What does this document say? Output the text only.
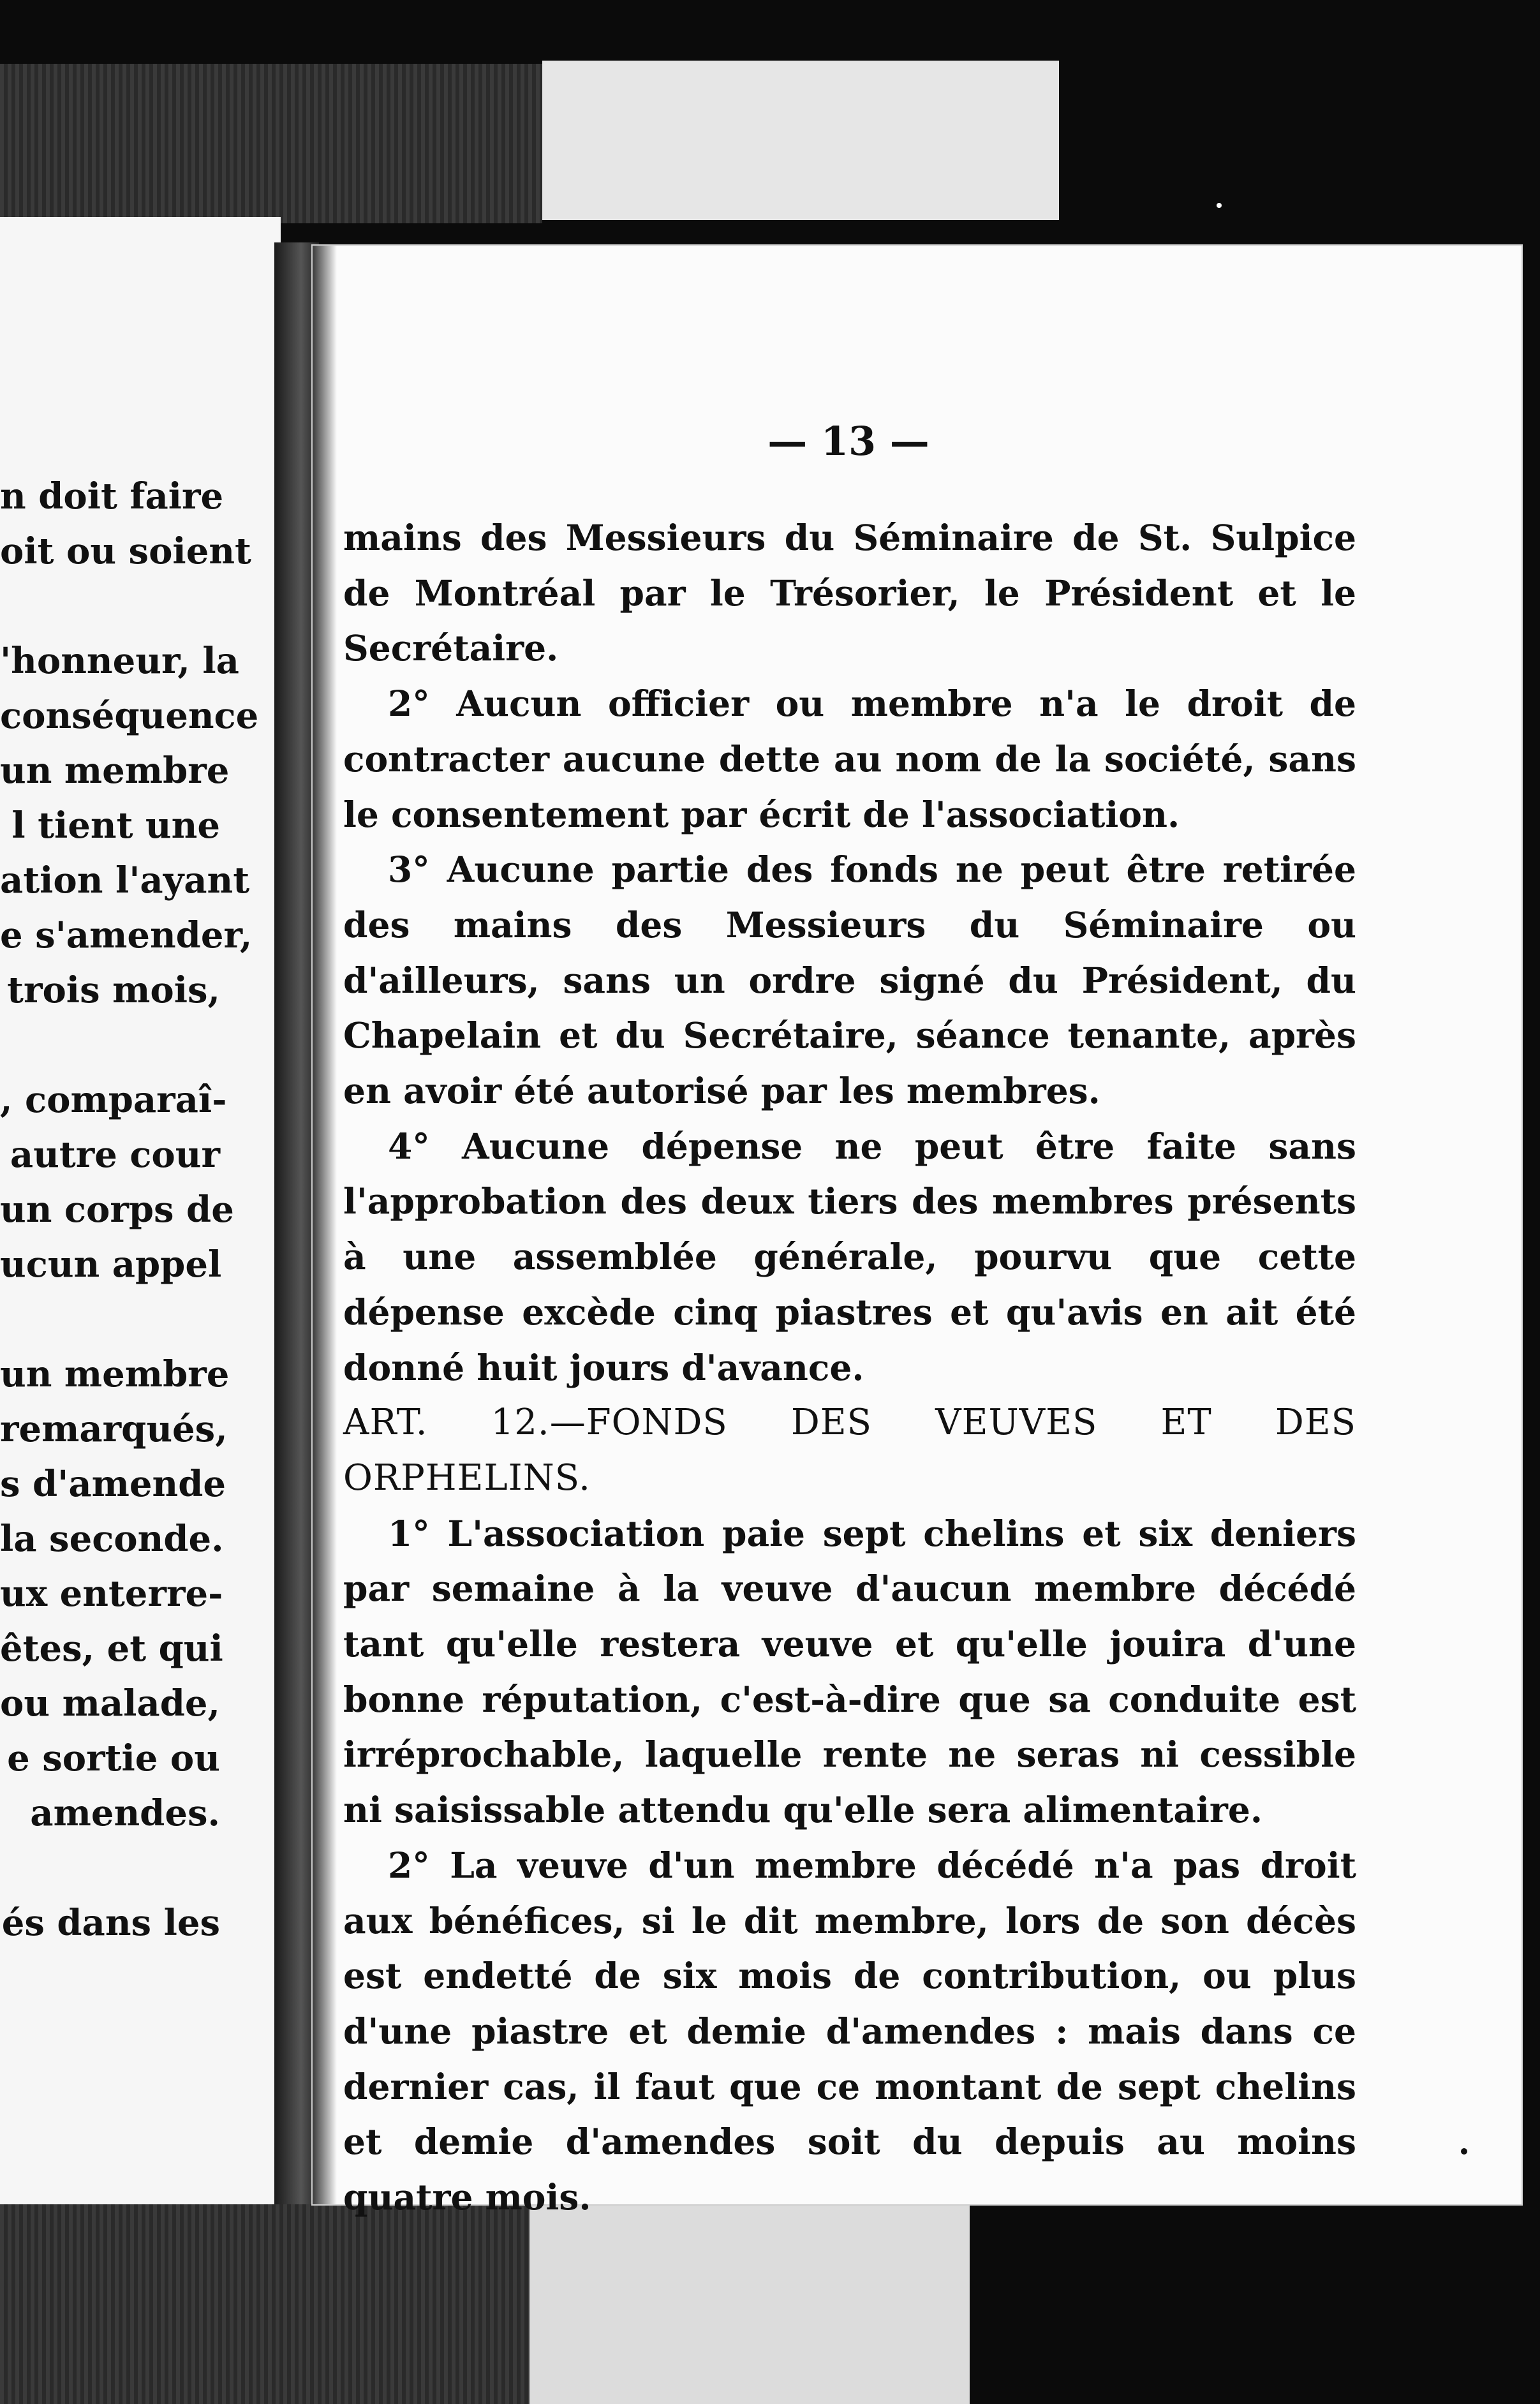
n doit faire
oit ou soient
'honneur, la
conséquence
un membre
l tient une
ation l'ayant
e s'amender,
trois mois,
, comparaî-
autre cour
un corps de
ucun appel
un membre
remarqués,
s d'amende
la seconde.
ux enterre-
êtes, et qui
ou malade,
e sortie ou
amendes.
és dans les
— 13 —

mains des Messieurs du Séminaire de St. Sulpice de Montréal par le Trésorier, le Président et le Secrétaire.

2° Aucun officier ou membre n'a le droit de contracter aucune dette au nom de la société, sans le consentement par écrit de l'association.

3° Aucune partie des fonds ne peut être retirée des mains des Messieurs du Séminaire ou d'ailleurs, sans un ordre signé du Président, du Chapelain et du Secrétaire, séance tenante, après en avoir été autorisé par les membres.

4° Aucune dépense ne peut être faite sans l'approbation des deux tiers des membres présents à une assemblée générale, pourvu que cette dépense excède cinq piastres et qu'avis en ait été donné huit jours d'avance.

ART. 12.—FONDS DES VEUVES ET DES ORPHELINS.

1° L'association paie sept chelins et six deniers par semaine à la veuve d'aucun membre décédé tant qu'elle restera veuve et qu'elle jouira d'une bonne réputation, c'est-à-dire que sa conduite est irréprochable, laquelle rente ne seras ni cessible ni saisissable attendu qu'elle sera alimentaire.

2° La veuve d'un membre décédé n'a pas droit aux bénéfices, si le dit membre, lors de son décès est endetté de six mois de contribution, ou plus d'une piastre et demie d'amendes : mais dans ce dernier cas, il faut que ce montant de sept chelins et demie d'amendes soit du depuis au moins quatre mois.
